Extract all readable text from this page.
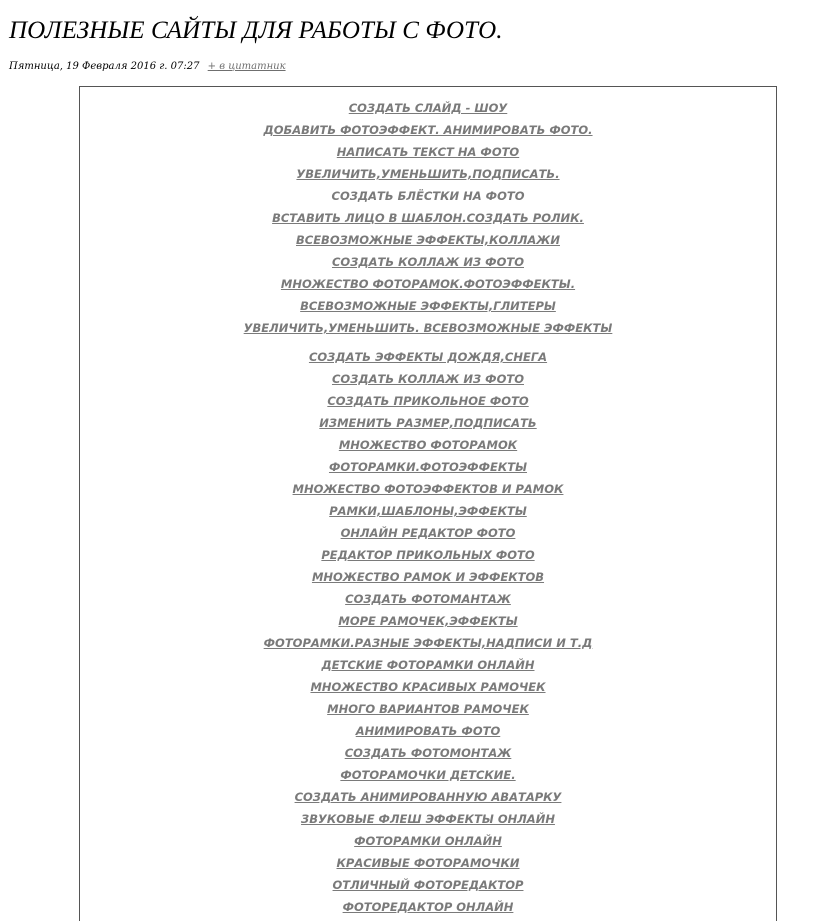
ПОЛЕЗНЫЕ САЙТЫ ДЛЯ РАБОТЫ С ФОТО.
Пятница, 19 Февраля 2016 г. 07:27 + в цитатник
СОЗДАТЬ СЛАЙД - ШОУ
ДОБАВИТЬ ФОТОЭФФЕКТ. АНИМИРОВАТЬ ФОТО.
НАПИСАТЬ ТЕКСТ НА ФОТО
УВЕЛИЧИТЬ,УМЕНЬШИТЬ,ПОДПИСАТЬ.
СОЗДАТЬ БЛЁСТКИ НА ФОТО
ВСТАВИТЬ ЛИЦО В ШАБЛОН.СОЗДАТЬ РОЛИК.
ВСЕВОЗМОЖНЫЕ ЭФФЕКТЫ,КОЛЛАЖИ
СОЗДАТЬ КОЛЛАЖ ИЗ ФОТО
МНОЖЕСТВО ФОТОРАМОК.ФОТОЭФФЕКТЫ.
ВСЕВОЗМОЖНЫЕ ЭФФЕКТЫ,ГЛИТЕРЫ
УВЕЛИЧИТЬ,УМЕНЬШИТЬ. ВСЕВОЗМОЖНЫЕ ЭФФЕКТЫ
СОЗДАТЬ ЭФФЕКТЫ ДОЖДЯ,СНЕГА
СОЗДАТЬ КОЛЛАЖ ИЗ ФОТО
СОЗДАТЬ ПРИКОЛЬНОЕ ФОТО
ИЗМЕНИТЬ РАЗМЕР,ПОДПИСАТЬ
МНОЖЕСТВО ФОТОРАМОК
ФОТОРАМКИ.ФОТОЭФФЕКТЫ
МНОЖЕСТВО ФОТОЭФФЕКТОВ И РАМОК
РАМКИ,ШАБЛОНЫ,ЭФФЕКТЫ
ОНЛАЙН РЕДАКТОР ФОТО
РЕДАКТОР ПРИКОЛЬНЫХ ФОТО
МНОЖЕСТВО РАМОК И ЭФФЕКТОВ
СОЗДАТЬ ФОТОМАНТАЖ
МОРЕ РАМОЧЕК,ЭФФЕКТЫ
ФОТОРАМКИ.РАЗНЫЕ ЭФФЕКТЫ,НАДПИСИ И Т.Д
ДЕТСКИЕ ФОТОРАМКИ ОНЛАЙН
МНОЖЕСТВО КРАСИВЫХ РАМОЧЕК
МНОГО ВАРИАНТОВ РАМОЧЕК
АНИМИРОВАТЬ ФОТО
СОЗДАТЬ ФОТОМОНТАЖ
ФОТОРАМОЧКИ ДЕТСКИЕ.
СОЗДАТЬ АНИМИРОВАННУЮ АВАТАРКУ
ЗВУКОВЫЕ ФЛЕШ ЭФФЕКТЫ ОНЛАЙН
ФОТОРАМКИ ОНЛАЙН
КРАСИВЫЕ ФОТОРАМОЧКИ
ОТЛИЧНЫЙ ФОТОРЕДАКТОР
ФОТОРЕДАКТОР ОНЛАЙН
